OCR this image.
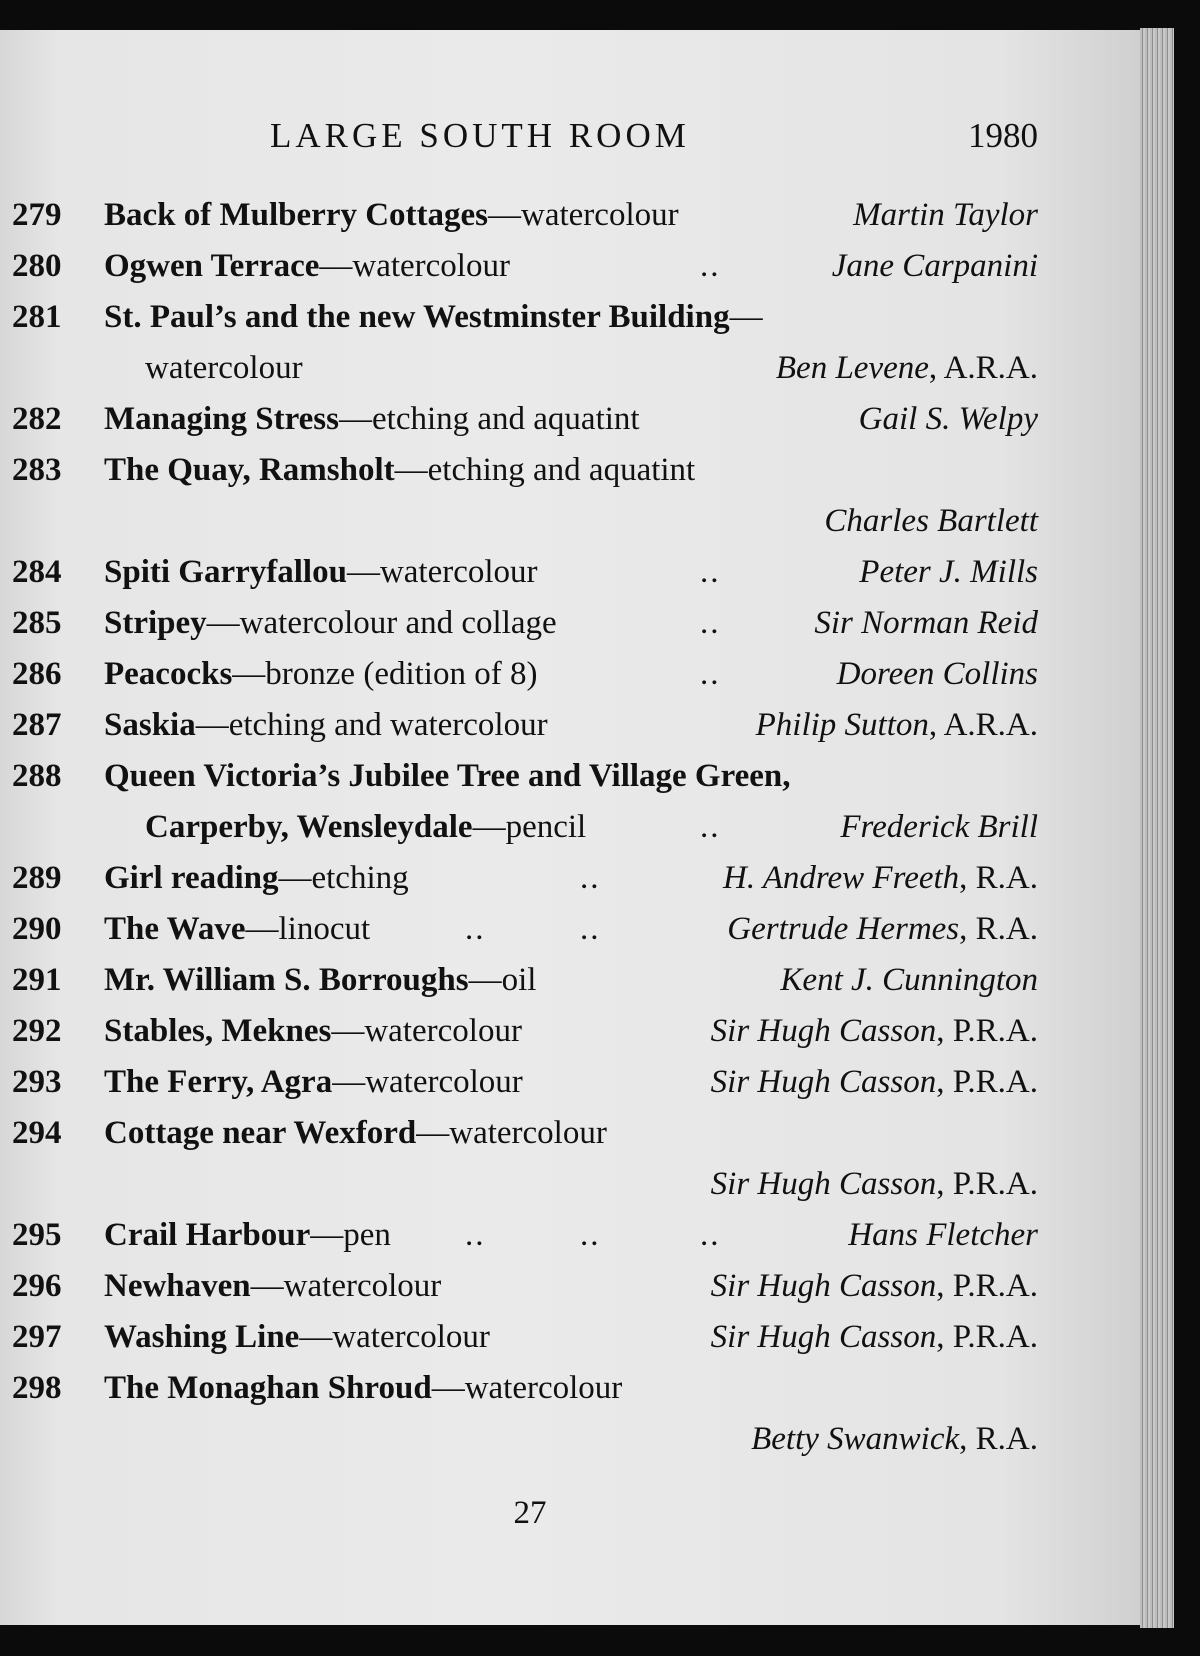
LARGE SOUTH ROOM	1980
279 Back of Mulberry Cottages—watercolour	Martin Taylor
280 Ogwen Terrace—watercolour	..	Jane Carpanini
281 St. Paul’s and the new Westminster Building—
watercolour	Ben Levene, A.R.A.
282 Managing Stress—etching and aquatint	Gail S. Welpy
283 The Quay, Ramsholt—etching and aquatint
Charles Bartlett
284 Spiti Garryfallou—watercolour	..	Peter J. Mills
285 Stripey—watercolour and collage	..	Sir Norman Reid
286 Peacocks—bronze (edition of 8)	..	Doreen Collins
287 Saskia—etching and watercolour	Philip Sutton, A.R.A.
288 Queen Victoria’s Jubilee Tree and Village Green,
Carperby, Wensleydale—pencil	..	Frederick Brill
289 Girl reading—etching	..	H. Andrew Freeth, R.A.
290 The Wave—linocut	..	..	Gertrude Hermes, R.A.
291 Mr. William S. Borroughs—oil	Kent J. Cunnington
292 Stables, Meknes—watercolour	Sir Hugh Casson, P.R.A.
293 The Ferry, Agra—watercolour	Sir Hugh Casson, P.R.A.
294 Cottage near Wexford—watercolour
Sir Hugh Casson, P.R.A.
295 Crail Harbour—pen ..	..	..	Hans Fletcher
296 Newhaven—watercolour	Sir Hugh Casson, P.R.A.
297 Washing Line—watercolour	Sir Hugh Casson, P.R.A.
298 The Monaghan Shroud—watercolour
Betty Swanwick, R.A.
27
